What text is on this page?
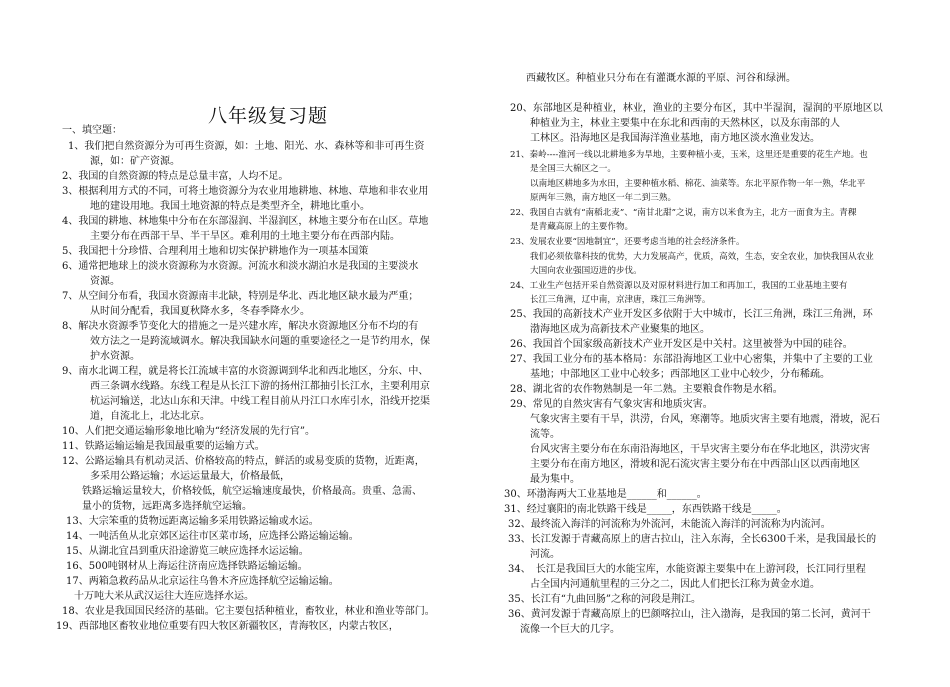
八年级复习题
一、填空题：
1、我们把自然资源分为可再生资源，如：土地、阳光、水、森林等和非可再生资
源，如：矿产资源。
2、我国的自然资源的特点是总量丰富，人均不足。
3、根据利用方式的不同，可将土地资源分为农业用地耕地、林地、草地和非农业用
地的建设用地。我国土地资源的特点是类型齐全，耕地比重小。
4、我国的耕地、林地集中分布在东部湿润、半湿润区，林地主要分布在山区。草地
主要分布在西部干旱、半干旱区。难利用的土地主要分布在西部内陆。
5、我国把十分珍惜、合理利用土地和切实保护耕地作为一项基本国策
6、通常把地球上的淡水资源称为水资源。河流水和淡水湖泊水是我国的主要淡水
资源。
7、从空间分布看，我国水资源南丰北缺，特别是华北、西北地区缺水最为严重；
从时间分配看，我国夏秋降水多，冬春季降水少。
8、解决水资源季节变化大的措施之一是兴建水库，解决水资源地区分布不均的有
效方法之一是跨流域调水。解决我国缺水问题的重要途径之一是节约用水，保
护水资源。
9、南水北调工程，就是将长江流域丰富的水资源调到华北和西北地区，分东、中、
西三条调水线路。东线工程是从长江下游的扬州江都抽引长江水，主要利用京
杭运河输送，北达山东和天津。中线工程目前从丹江口水库引水，沿线开挖渠
道，自流北上，北达北京。
10、人们把交通运输形象地比喻为“经济发展的先行官”。
11、铁路运输运输是我国最重要的运输方式。
12、公路运输具有机动灵活、价格较高的特点，鲜活的或易变质的货物，近距离，
多采用公路运输；水运运量最大，价格最低，
铁路运输运量较大，价格较低，航空运输速度最快，价格最高。贵重、急需、
量小的货物，远距离多选择航空运输。
13、大宗笨重的货物远距离运输多采用铁路运输或水运。
14、一吨活鱼从北京郊区运往市区菜市场，应选择公路运输运输。
15、从湖北宜昌到重庆沿途游览三峡应选择水运运输。
16、500吨钢材从上海运往济南应选择铁路运输运输。
17、两箱急救药品从北京运往乌鲁木齐应选择航空运输运输。
十万吨大米从武汉运往大连应选择水运。
18、农业是我国国民经济的基础。它主要包括种植业，畜牧业，林业和渔业等部门。
19、西部地区畜牧业地位重要有四大牧区新疆牧区，青海牧区，内蒙古牧区，
西藏牧区。种植业只分布在有灌溉水源的平原、河谷和绿洲。
20、东部地区是种植业，林业，渔业的主要分布区，其中半湿润，湿润的平原地区以
种植业为主，林业主要集中在东北和西南的天然林区，以及东南部的人
工林区。沿海地区是我国海洋渔业基地，南方地区淡水渔业发达。
21、秦岭----淮河一线以北耕地多为旱地，主要种植小麦，玉米，这里还是重要的花生产地。也
是全国三大棉区之一。
以南地区耕地多为水田，主要种植水稻、棉花、油菜等。东北平原作物一年一熟，华北平
原两年三熟，南方地区一年二到三熟。
22、我国自古就有“南稻北麦”、“南甘北甜”之说，南方以米食为主，北方一面食为主。青稞
是青藏高原上的主要作物。
23、发展农业要“因地制宜”，还要考虑当地的社会经济条件。
我们必须依靠科技的优势，大力发展高产，优质，高效，生态，安全农业，加快我国从农业
大国向农业强国迈进的步伐。
24、工业生产包括开采自然资源以及对原材料进行加工和再加工，我国的工业基地主要有
长江三角洲，辽中南，京津唐，珠江三角洲等。
25、我国的高新技术产业开发区多依附于大中城市，长江三角洲，珠江三角洲，环
渤海地区成为高新技术产业聚集的地区。
26、我国首个国家级高新技术产业开发区是中关村。这里被誉为中国的硅谷。
27、我国工业分布的基本格局：东部沿海地区工业中心密集，并集中了主要的工业
基地；中部地区工业中心较多；西部地区工业中心较少，分布稀疏。
28、湖北省的农作物熟制是一年二熟。主要粮食作物是水稻。
29、常见的自然灾害有气象灾害和地质灾害。
气象灾害主要有干旱，洪涝，台风，寒潮等。地质灾害主要有地震，滑坡，泥石
流等。
台风灾害主要分布在东南沿海地区，干旱灾害主要分布在华北地区，洪涝灾害
主要分布在南方地区，滑坡和泥石流灾害主要分布在中西部山区以西南地区
最为集中。
30、环渤海两大工业基地是______和______。
31、经过襄阳的南北铁路干线是_____，东西铁路干线是_____。
32、最终流入海洋的河流称为外流河，未能流入海洋的河流称为内流河。
33、长江发源于青藏高原上的唐古拉山，注入东海，全长6300千米，是我国最长的
河流。
34、　长江是我国巨大的水能宝库，水能资源主要集中在上游河段，长江同行里程
占全国内河通航里程的三分之二，因此人们把长江称为黄金水道。
35、长江有“九曲回肠”之称的河段是荆江。
36、黄河发源于青藏高原上的巴颜喀拉山，注入渤海，是我国的第二长河，黄河干
流像一个巨大的几字。
